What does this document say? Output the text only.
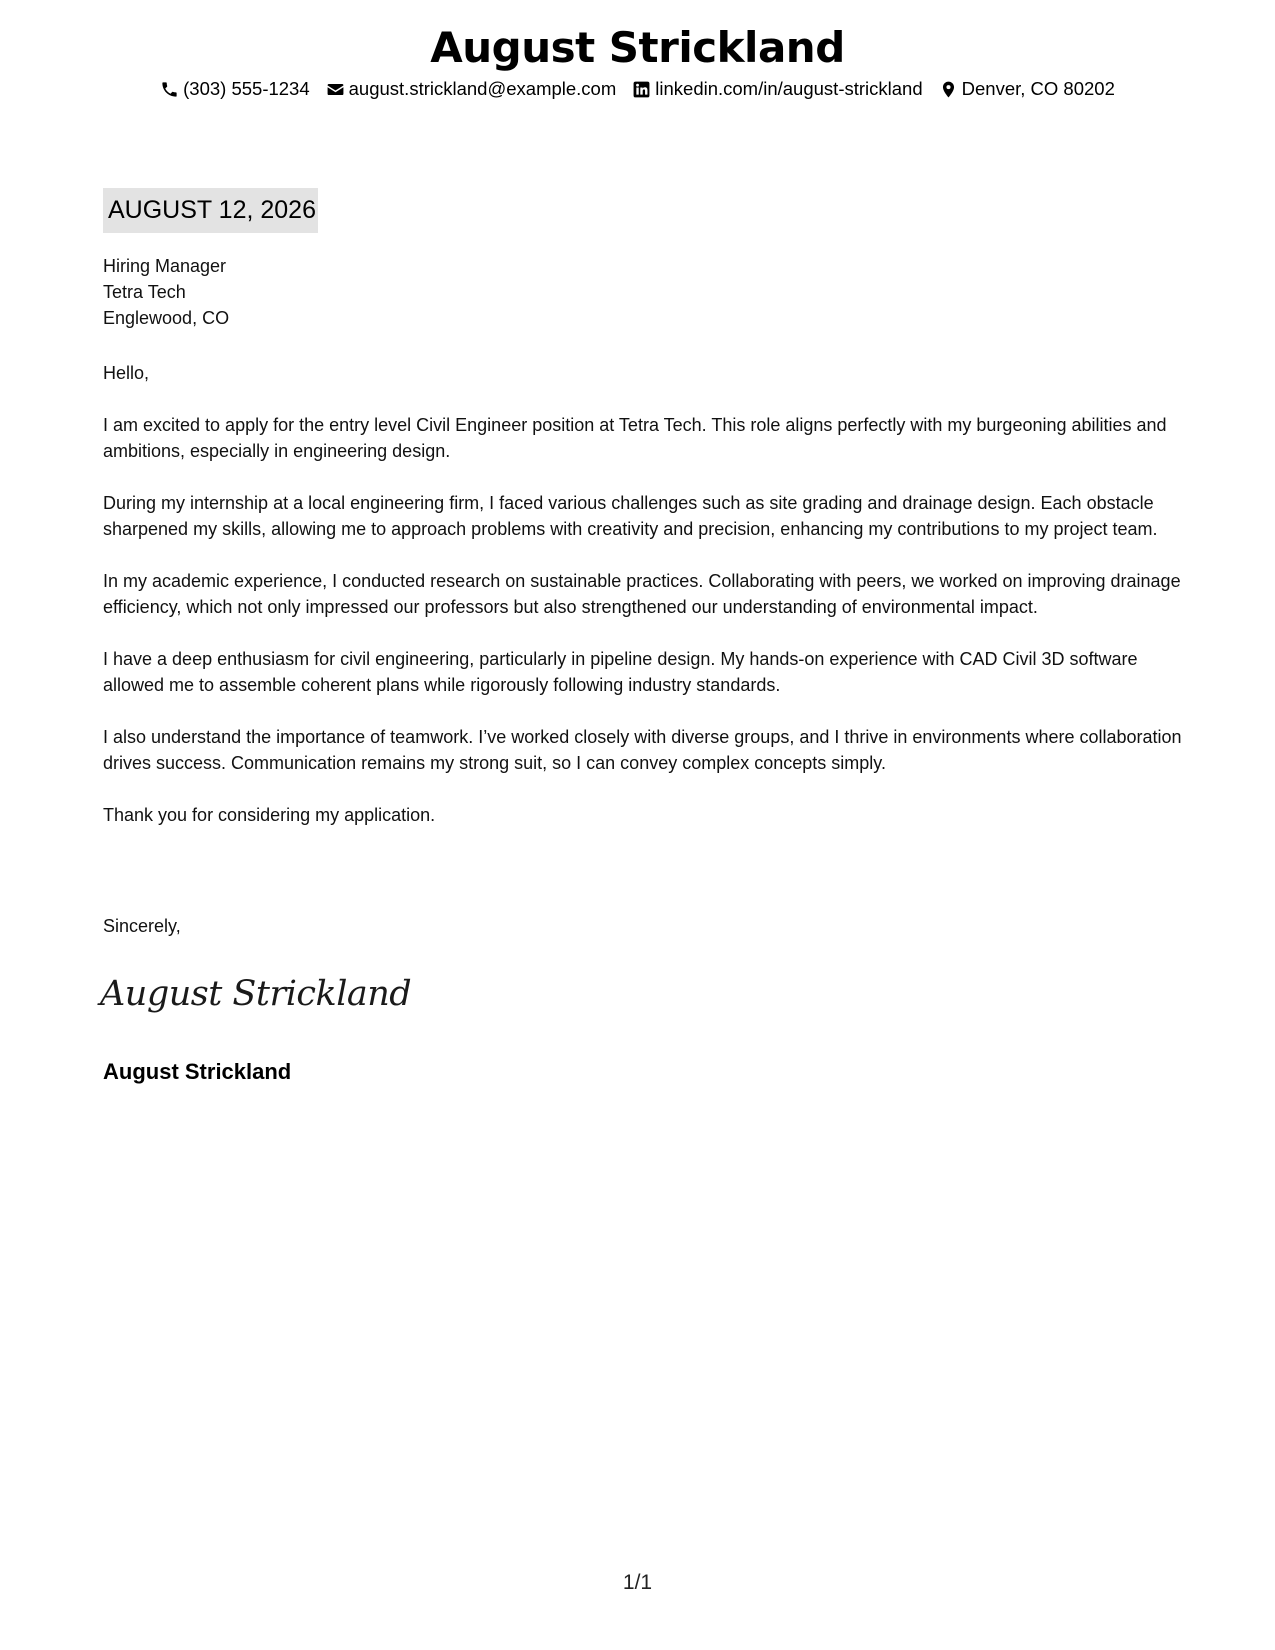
August Strickland
(303) 555-1234 august.strickland@example.com linkedin.com/in/august-strickland Denver, CO 80202
AUGUST 12, 2026
Hiring Manager
Tetra Tech
Englewood, CO

Hello,

I am excited to apply for the entry level Civil Engineer position at Tetra Tech. This role aligns perfectly with my burgeoning abilities and ambitions, especially in engineering design.

During my internship at a local engineering firm, I faced various challenges such as site grading and drainage design. Each obstacle sharpened my skills, allowing me to approach problems with creativity and precision, enhancing my contributions to my project team.

In my academic experience, I conducted research on sustainable practices. Collaborating with peers, we worked on improving drainage efficiency, which not only impressed our professors but also strengthened our understanding of environmental impact.

I have a deep enthusiasm for civil engineering, particularly in pipeline design. My hands-on experience with CAD Civil 3D software allowed me to assemble coherent plans while rigorously following industry standards.

I also understand the importance of teamwork. I’ve worked closely with diverse groups, and I thrive in environments where collaboration drives success. Communication remains my strong suit, so I can convey complex concepts simply.

Thank you for considering my application.

Sincerely,
August Strickland
August Strickland
1/1
